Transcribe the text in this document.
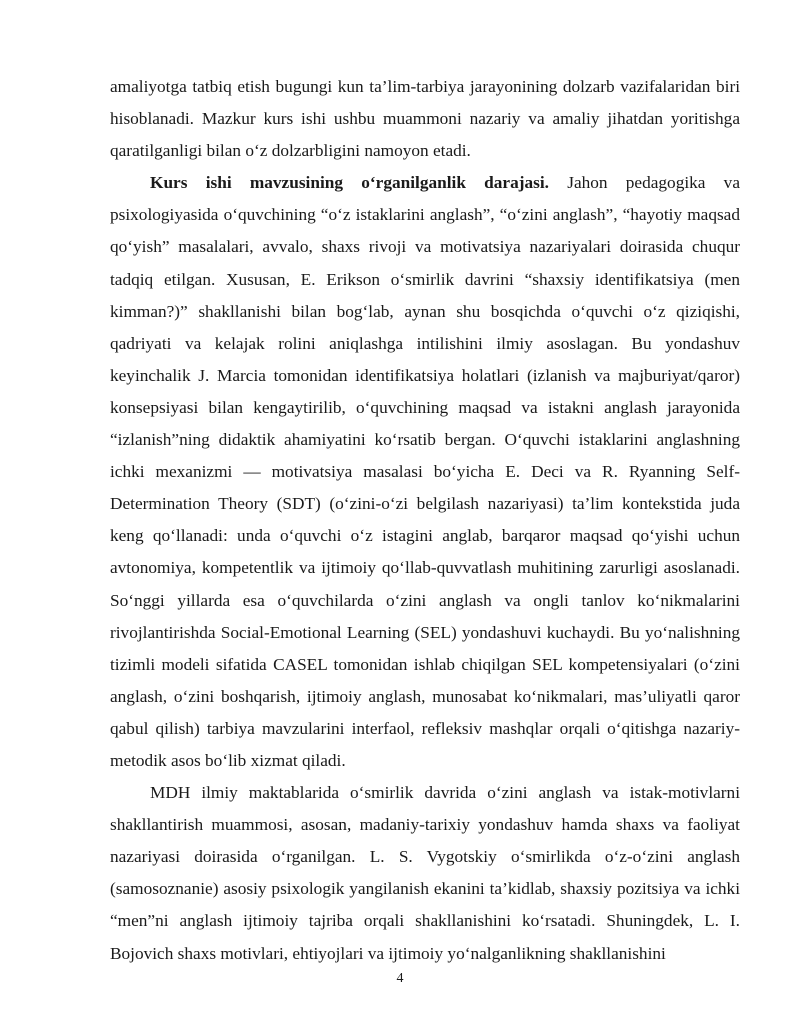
amaliyotga tatbiq etish bugungi kun ta’lim-tarbiya jarayonining dolzarb vazifalaridan biri hisoblanadi. Mazkur kurs ishi ushbu muammoni nazariy va amaliy jihatdan yoritishga qaratilganligi bilan o‘z dolzarbligini namoyon etadi.

Kurs ishi mavzusining o‘rganilganlik darajasi. Jahon pedagogika va psixologiyasida o‘quvchining “o‘z istaklarini anglash”, “o‘zini anglash”, “hayotiy maqsad qo‘yish” masalalari, avvalo, shaxs rivoji va motivatsiya nazariyalari doirasida chuqur tadqiq etilgan. Xususan, E. Erikson o‘smirlik davrini “shaxsiy identifikatsiya (men kimman?)” shakllanishi bilan bog‘lab, aynan shu bosqichda o‘quvchi o‘z qiziqishi, qadriyati va kelajak rolini aniqlashga intilishini ilmiy asoslagan. Bu yondashuv keyinchalik J. Marcia tomonidan identifikatsiya holatlari (izlanish va majburiyat/qaror) konsepsiyasi bilan kengaytirilib, o‘quvchining maqsad va istakni anglash jarayonida “izlanish”ning didaktik ahamiyatini ko‘rsatib bergan. O‘quvchi istaklarini anglashning ichki mexanizmi — motivatsiya masalasi bo‘yicha E. Deci va R. Ryanning Self-Determination Theory (SDT) (o‘zini-o‘zi belgilash nazariyasi) ta’lim kontekstida juda keng qo‘llanadi: unda o‘quvchi o‘z istagini anglab, barqaror maqsad qo‘yishi uchun avtonomiya, kompetentlik va ijtimoiy qo‘llab-quvvatlash muhitining zarurligi asoslanadi. So‘nggi yillarda esa o‘quvchilarda o‘zini anglash va ongli tanlov ko‘nikmalarini rivojlantirishda Social-Emotional Learning (SEL) yondashuvi kuchaydi. Bu yo‘nalishning tizimli modeli sifatida CASEL tomonidan ishlab chiqilgan SEL kompetensiyalari (o‘zini anglash, o‘zini boshqarish, ijtimoiy anglash, munosabat ko‘nikmalari, mas’uliyatli qaror qabul qilish) tarbiya mavzularini interfaol, refleksiv mashqlar orqali o‘qitishga nazariy-metodik asos bo‘lib xizmat qiladi.

MDH ilmiy maktablarida o‘smirlik davrida o‘zini anglash va istak-motivlarni shakllantirish muammosi, asosan, madaniy-tarixiy yondashuv hamda shaxs va faoliyat nazariyasi doirasida o‘rganilgan. L. S. Vygotskiy o‘smirlikda o‘z-o‘zini anglash (samosoznanie) asosiy psixologik yangilanish ekanini ta’kidlab, shaxsiy pozitsiya va ichki “men”ni anglash ijtimoiy tajriba orqali shakllanishini ko‘rsatadi. Shuningdek, L. I. Bojovich shaxs motivlari, ehtiyojlari va ijtimoiy yo‘nalganlikning shakllanishini

4
